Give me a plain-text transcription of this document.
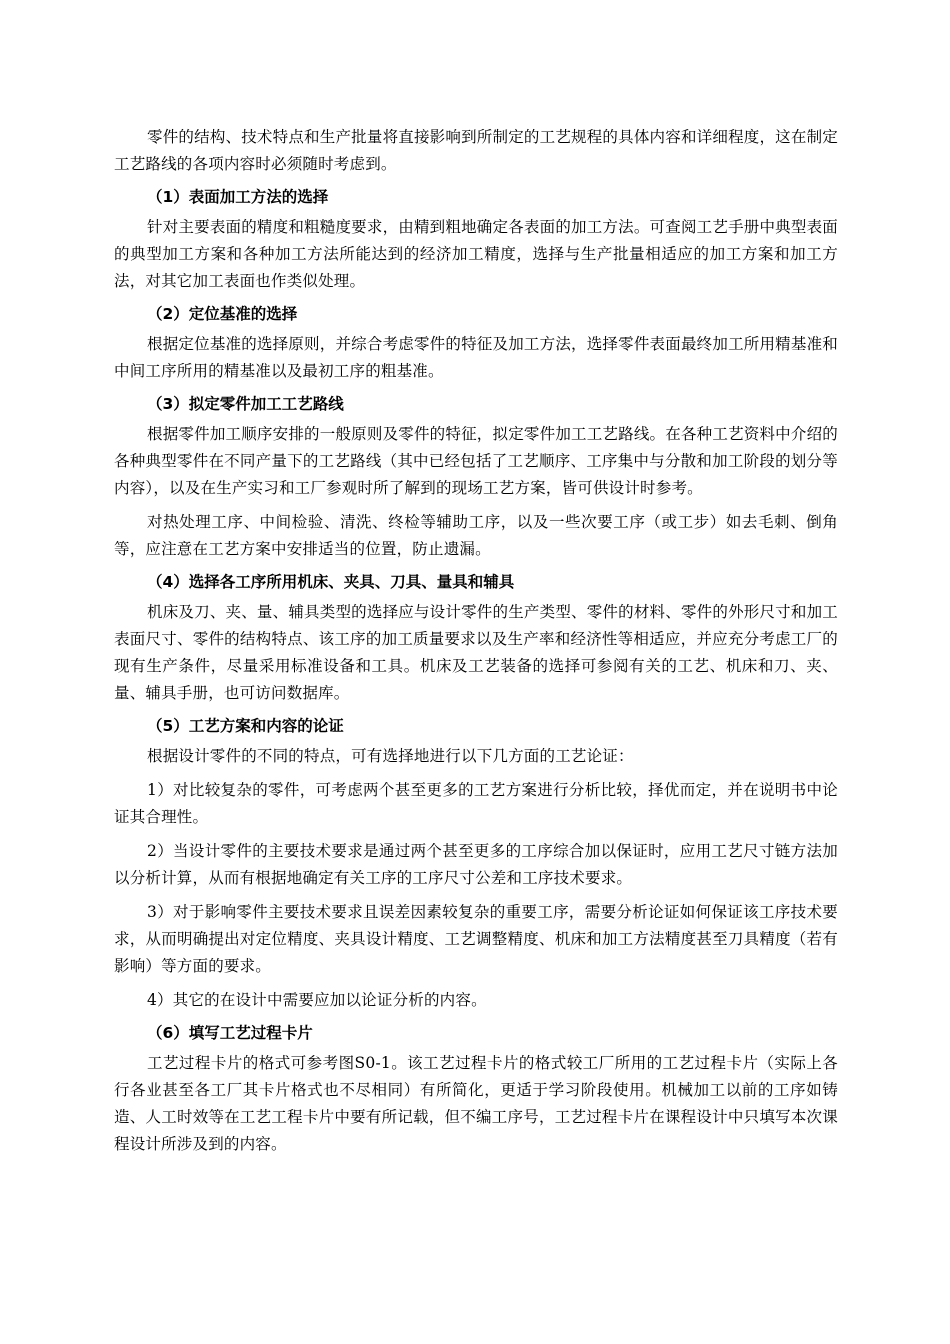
零件的结构、技术特点和生产批量将直接影响到所制定的工艺规程的具体内容和详细程度，这在制定工艺路线的各项内容时必须随时考虑到。

（1）表面加工方法的选择

针对主要表面的精度和粗糙度要求，由精到粗地确定各表面的加工方法。可查阅工艺手册中典型表面的典型加工方案和各种加工方法所能达到的经济加工精度，选择与生产批量相适应的加工方案和加工方法，对其它加工表面也作类似处理。

（2）定位基准的选择

根据定位基准的选择原则，并综合考虑零件的特征及加工方法，选择零件表面最终加工所用精基准和中间工序所用的精基准以及最初工序的粗基准。

（3）拟定零件加工工艺路线

根据零件加工顺序安排的一般原则及零件的特征，拟定零件加工工艺路线。在各种工艺资料中介绍的各种典型零件在不同产量下的工艺路线（其中已经包括了工艺顺序、工序集中与分散和加工阶段的划分等内容），以及在生产实习和工厂参观时所了解到的现场工艺方案，皆可供设计时参考。

对热处理工序、中间检验、清洗、终检等辅助工序，以及一些次要工序（或工步）如去毛刺、倒角等，应注意在工艺方案中安排适当的位置，防止遗漏。

（4）选择各工序所用机床、夹具、刀具、量具和辅具

机床及刀、夹、量、辅具类型的选择应与设计零件的生产类型、零件的材料、零件的外形尺寸和加工表面尺寸、零件的结构特点、该工序的加工质量要求以及生产率和经济性等相适应，并应充分考虑工厂的现有生产条件，尽量采用标准设备和工具。机床及工艺装备的选择可参阅有关的工艺、机床和刀、夹、量、辅具手册，也可访问数据库。

（5）工艺方案和内容的论证

根据设计零件的不同的特点，可有选择地进行以下几方面的工艺论证：

1）对比较复杂的零件，可考虑两个甚至更多的工艺方案进行分析比较，择优而定，并在说明书中论证其合理性。

2）当设计零件的主要技术要求是通过两个甚至更多的工序综合加以保证时，应用工艺尺寸链方法加以分析计算，从而有根据地确定有关工序的工序尺寸公差和工序技术要求。

3）对于影响零件主要技术要求且误差因素较复杂的重要工序，需要分析论证如何保证该工序技术要求，从而明确提出对定位精度、夹具设计精度、工艺调整精度、机床和加工方法精度甚至刀具精度（若有影响）等方面的要求。

4）其它的在设计中需要应加以论证分析的内容。

（6）填写工艺过程卡片

工艺过程卡片的格式可参考图S0-1。该工艺过程卡片的格式较工厂所用的工艺过程卡片（实际上各行各业甚至各工厂其卡片格式也不尽相同）有所简化，更适于学习阶段使用。机械加工以前的工序如铸造、人工时效等在工艺工程卡片中要有所记载，但不编工序号，工艺过程卡片在课程设计中只填写本次课程设计所涉及到的内容。
